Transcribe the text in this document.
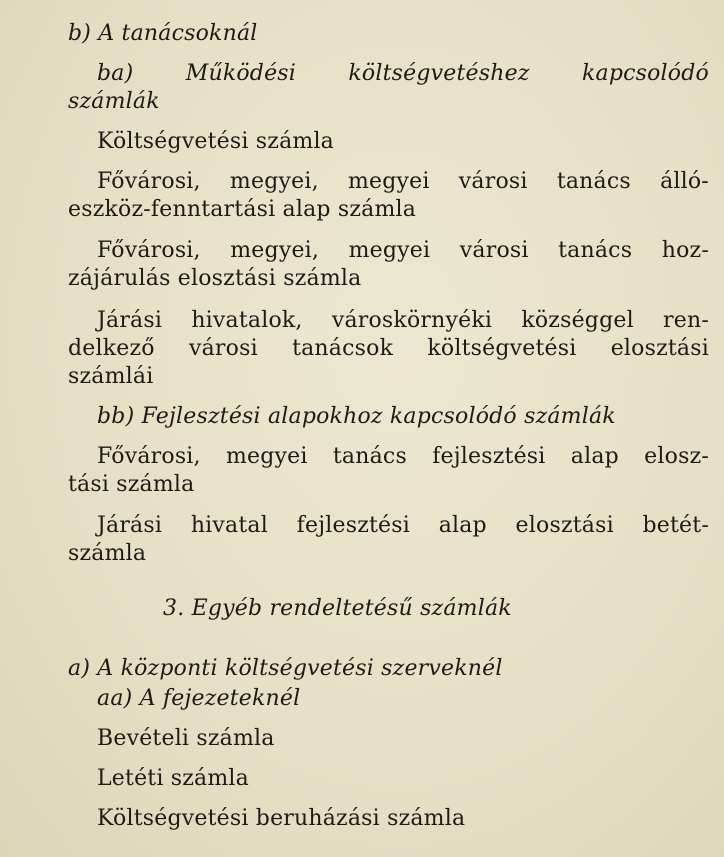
b) A tanácsoknál
ba) Működési költségvetéshez kapcsolódó
számlák
Költségvetési számla
Fővárosi, megyei, megyei városi tanács álló-
eszköz-fenntartási alap számla
Fővárosi, megyei, megyei városi tanács hoz-
zájárulás elosztási számla
Járási hivatalok, városkörnyéki községgel ren-
delkező városi tanácsok költségvetési elosztási
számlái
bb) Fejlesztési alapokhoz kapcsolódó számlák
Fővárosi, megyei tanács fejlesztési alap elosz-
tási számla
Járási hivatal fejlesztési alap elosztási betét-
számla
3. Egyéb rendeltetésű számlák
a) A központi költségvetési szerveknél
aa) A fejezeteknél
Bevételi számla
Letéti számla
Költségvetési beruházási számla
